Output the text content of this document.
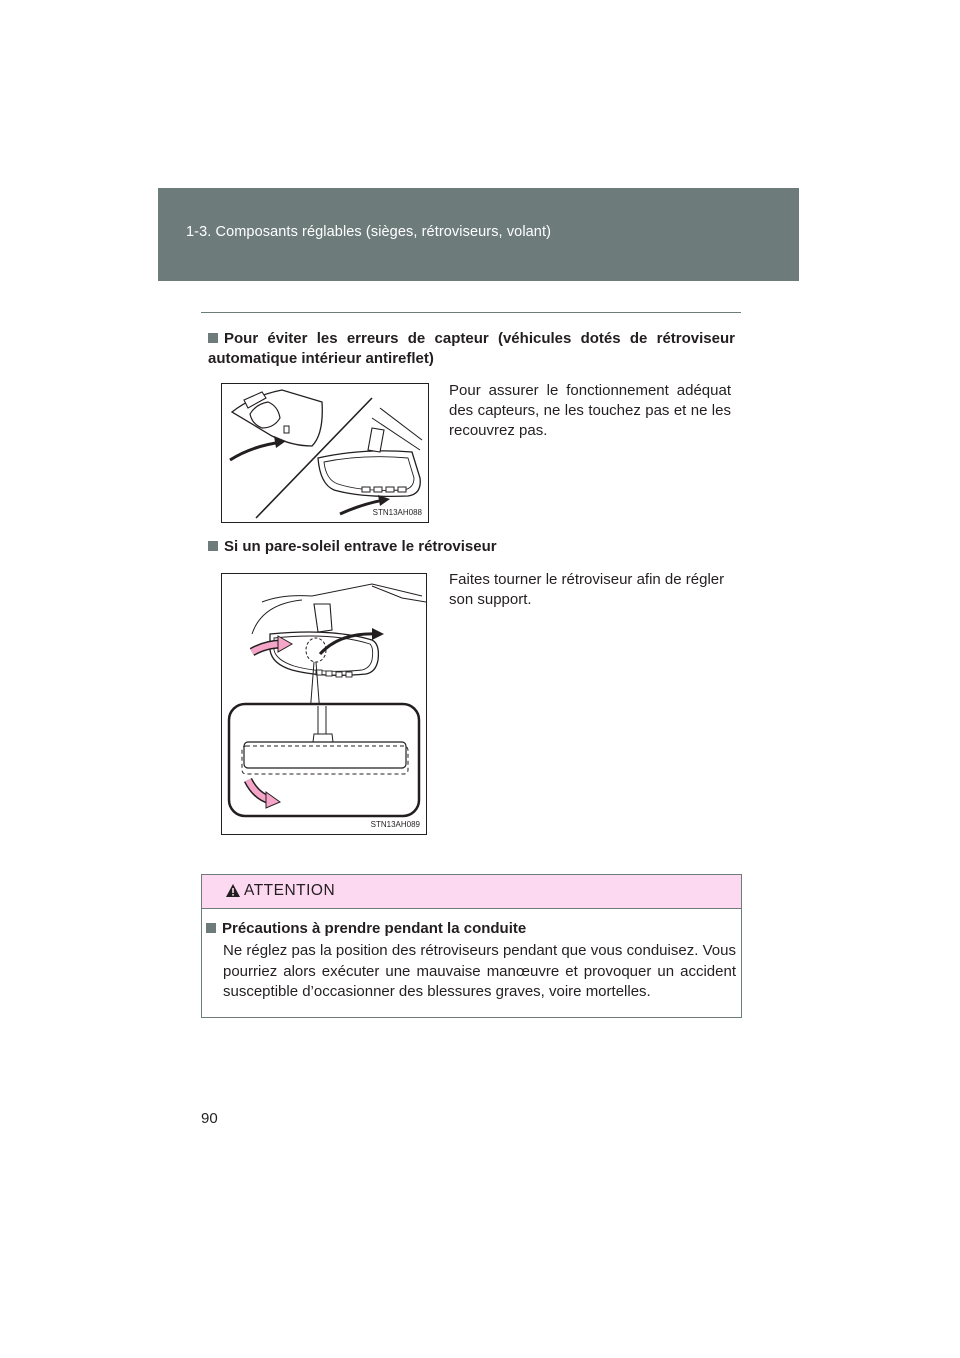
1-3. Composants réglables (sièges, rétroviseurs, volant)
Pour éviter les erreurs de capteur (véhicules dotés de rétroviseur automatique intérieur antireflet)
STN13AH088
Pour assurer le fonctionnement adéquat des capteurs, ne les touchez pas et ne les recouvrez pas.
Si un pare-soleil entrave le rétroviseur
STN13AH089
Faites tourner le rétroviseur afin de régler son support.
ATTENTION
Précautions à prendre pendant la conduite
Ne réglez pas la position des rétroviseurs pendant que vous conduisez. Vous pourriez alors exécuter une mauvaise manœuvre et provoquer un accident susceptible d’occasionner des blessures graves, voire mortelles.
90
